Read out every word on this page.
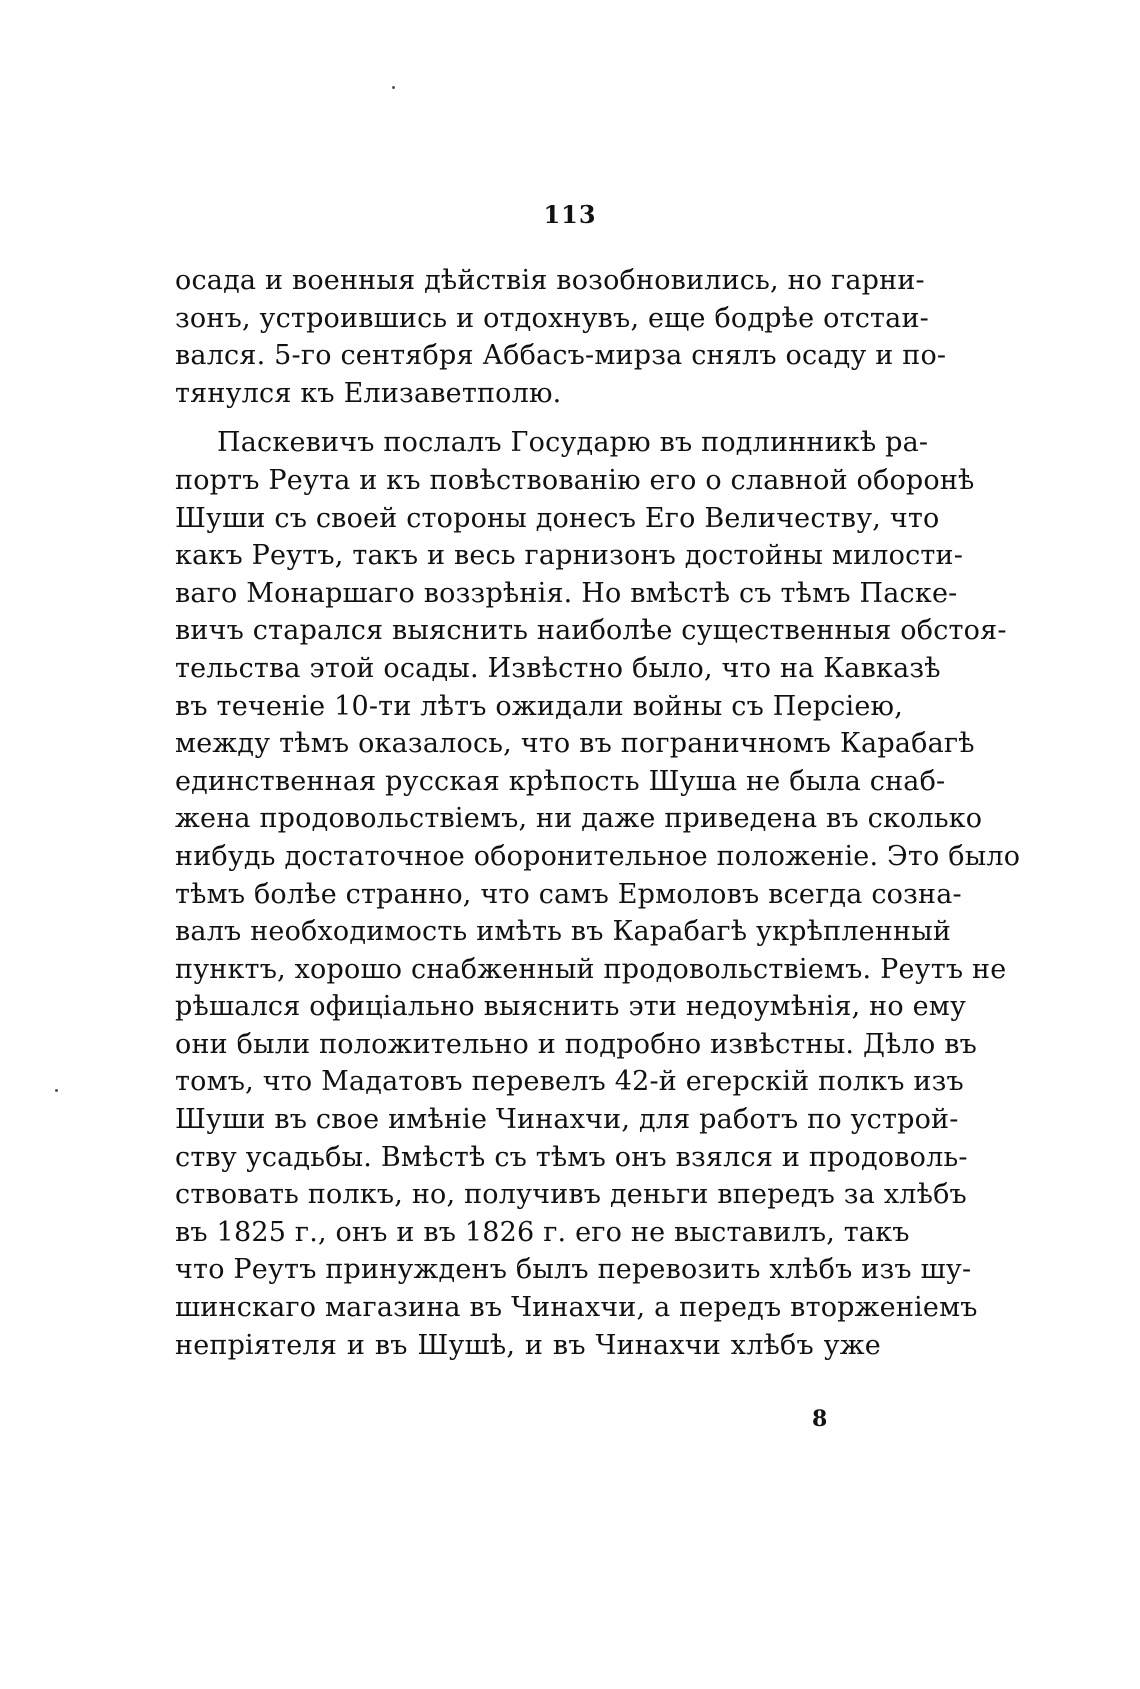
113

осада и военныя дѣйствія возобновились, но гарни-
зонъ, устроившись и отдохнувъ, еще бодрѣе отстаи-
вался. 5-го сентября Аббасъ-мирза снялъ осаду и по-
тянулся къ Елизаветполю.

Паскевичъ послалъ Государю въ подлинникѣ ра-
портъ Реута и къ повѣствованію его о славной оборонѣ
Шуши съ своей стороны донесъ Его Величеству, что
какъ Реутъ, такъ и весь гарнизонъ достойны милости-
ваго Монаршаго воззрѣнія. Но вмѣстѣ съ тѣмъ Паске-
вичъ старался выяснить наиболѣе существенныя обстоя-
тельства этой осады. Извѣстно было, что на Кавказѣ
въ теченіе 10-ти лѣтъ ожидали войны съ Персіею,
между тѣмъ оказалось, что въ пограничномъ Карабагѣ
единственная русская крѣпость Шуша не была снаб-
жена продовольствіемъ, ни даже приведена въ сколько
нибудь достаточное оборонительное положеніе. Это было
тѣмъ болѣе странно, что самъ Ермоловъ всегда созна-
валъ необходимость имѣть въ Карабагѣ укрѣпленный
пунктъ, хорошо снабженный продовольствіемъ. Реутъ не
рѣшался офиціально выяснить эти недоумѣнія, но ему
они были положительно и подробно извѣстны. Дѣло въ
томъ, что Мадатовъ перевелъ 42-й егерскій полкъ изъ
Шуши въ свое имѣніе Чинахчи, для работъ по устрой-
ству усадьбы. Вмѣстѣ съ тѣмъ онъ взялся и продоволь-
ствовать полкъ, но, получивъ деньги впередъ за хлѣбъ
въ 1825 г., онъ и въ 1826 г. его не выставилъ, такъ
что Реутъ принужденъ былъ перевозить хлѣбъ изъ шу-
шинскаго магазина въ Чинахчи, а передъ вторженіемъ
непріятеля и въ Шушѣ, и въ Чинахчи хлѣбъ уже

8
